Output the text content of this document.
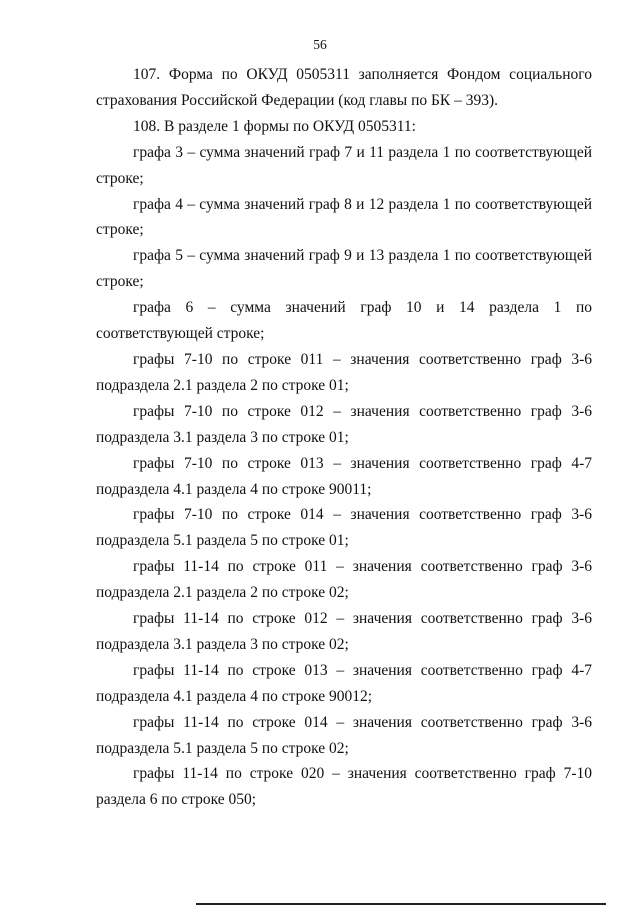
56

107. Форма по ОКУД 0505311 заполняется Фондом социального страхования Российской Федерации (код главы по БК – 393).

108. В разделе 1 формы по ОКУД 0505311:

графа 3 – сумма значений граф 7 и 11 раздела 1 по соответствующей строке;

графа 4 – сумма значений граф 8 и 12 раздела 1 по соответствующей строке;

графа 5 – сумма значений граф 9 и 13 раздела 1 по соответствующей строке;

графа 6 – сумма значений граф 10 и 14 раздела 1 по соответствующей строке;

графы 7-10 по строке 011 – значения соответственно граф 3-6 подраздела 2.1 раздела 2 по строке 01;

графы 7-10 по строке 012 – значения соответственно граф 3-6 подраздела 3.1 раздела 3 по строке 01;

графы 7-10 по строке 013 – значения соответственно граф 4-7 подраздела 4.1 раздела 4 по строке 90011;

графы 7-10 по строке 014 – значения соответственно граф 3-6 подраздела 5.1 раздела 5 по строке 01;

графы 11-14 по строке 011 – значения соответственно граф 3-6 подраздела 2.1 раздела 2 по строке 02;

графы 11-14 по строке 012 – значения соответственно граф 3-6 подраздела 3.1 раздела 3 по строке 02;

графы 11-14 по строке 013 – значения соответственно граф 4-7 подраздела 4.1 раздела 4 по строке 90012;

графы 11-14 по строке 014 – значения соответственно граф 3-6 подраздела 5.1 раздела 5 по строке 02;

графы 11-14 по строке 020 – значения соответственно граф 7-10 раздела 6 по строке 050;
